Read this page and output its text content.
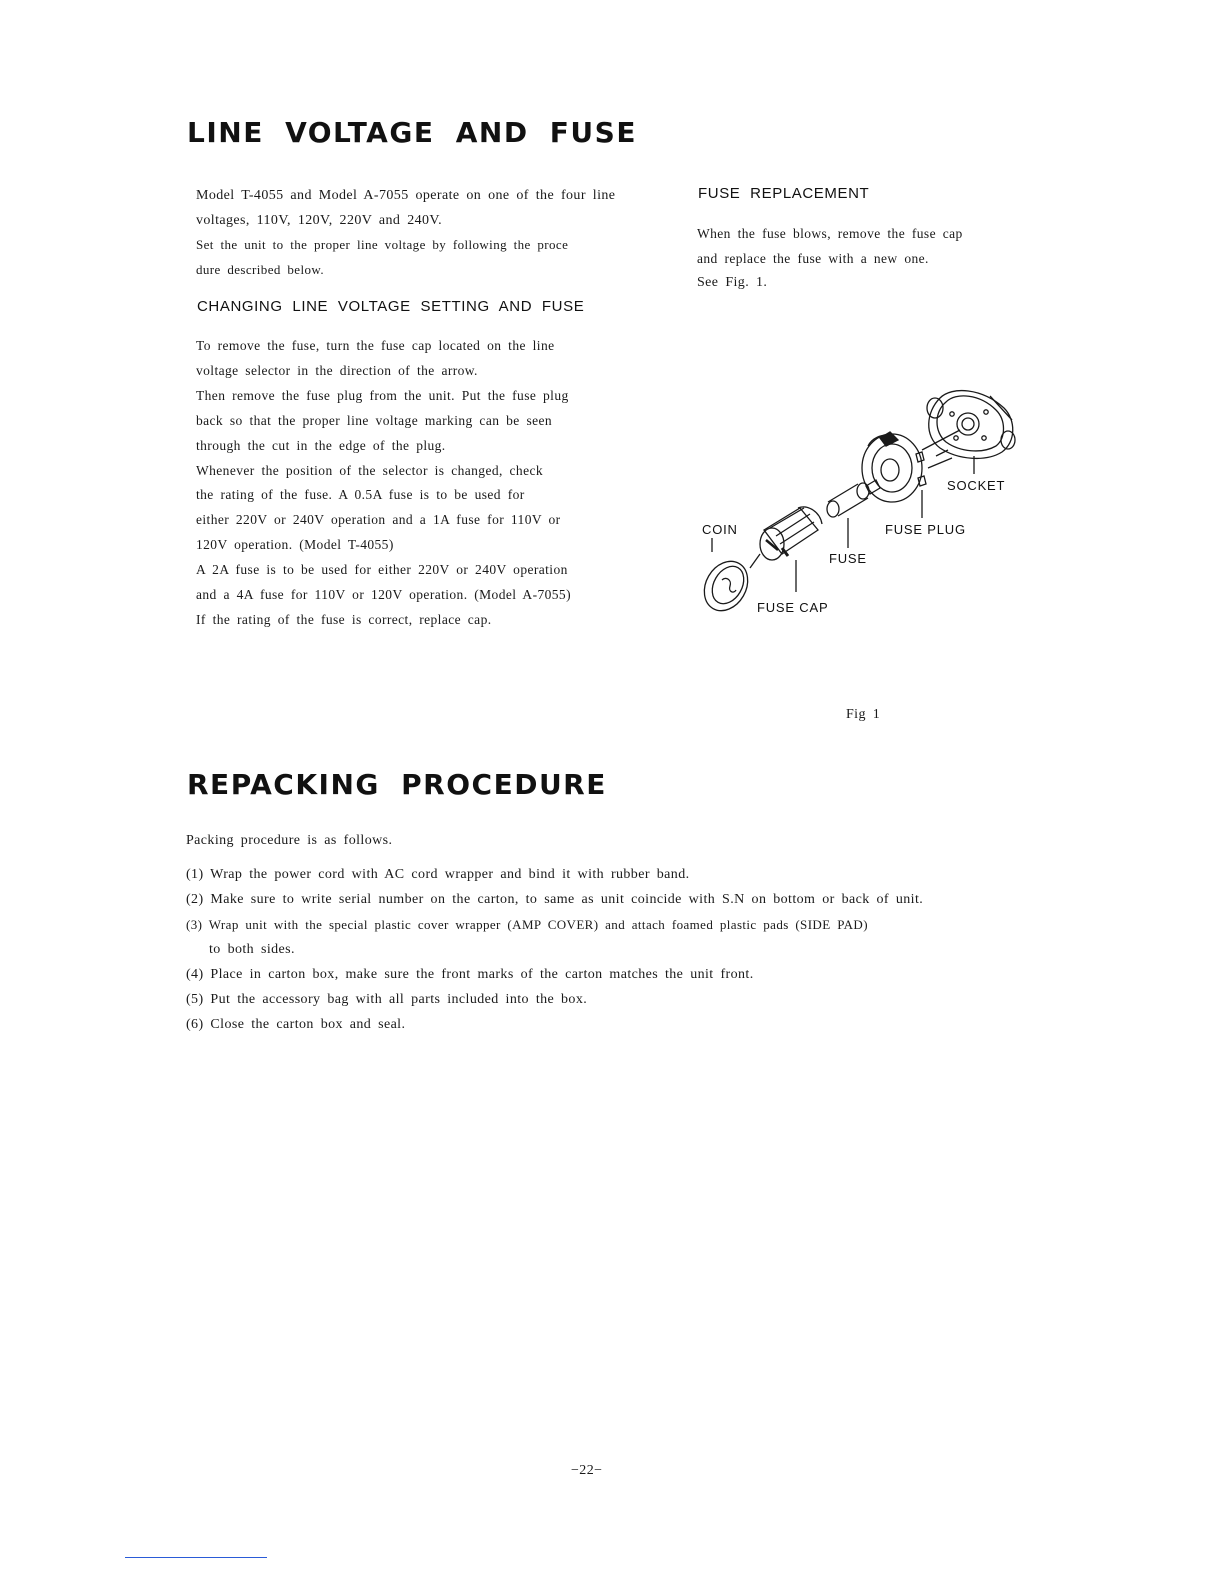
LINE VOLTAGE AND FUSE
Model T-4055 and Model A-7055 operate on one of the four line
voltages, 110V, 120V, 220V and 240V.
Set the unit to the proper line voltage by following the proce
dure described below.
CHANGING LINE VOLTAGE SETTING AND FUSE
To remove the fuse, turn the fuse cap located on the line
voltage selector in the direction of the arrow.
Then remove the fuse plug from the unit. Put the fuse plug
back so that the proper line voltage marking can be seen
through the cut in the edge of the plug.
Whenever the position of the selector is changed, check
the rating of the fuse. A 0.5A fuse is to be used for
either 220V or 240V operation and a 1A fuse for 110V or
120V operation. (Model T-4055)
A 2A fuse is to be used for either 220V or 240V operation
and a 4A fuse for 110V or 120V operation. (Model A-7055)
If the rating of the fuse is correct, replace cap.
FUSE REPLACEMENT
When the fuse blows, remove the fuse cap
and replace the fuse with a new one.
See Fig. 1.
SOCKET
FUSE PLUG
COIN
FUSE
FUSE CAP
Fig 1
REPACKING PROCEDURE
Packing procedure is as follows.
(1) Wrap the power cord with AC cord wrapper and bind it with rubber band.
(2) Make sure to write serial number on the carton, to same as unit coincide with S.N on bottom or back of unit.
(3) Wrap unit with the special plastic cover wrapper (AMP COVER) and attach foamed plastic pads (SIDE PAD)
to both sides.
(4) Place in carton box, make sure the front marks of the carton matches the unit front.
(5) Put the accessory bag with all parts included into the box.
(6) Close the carton box and seal.
−22−
